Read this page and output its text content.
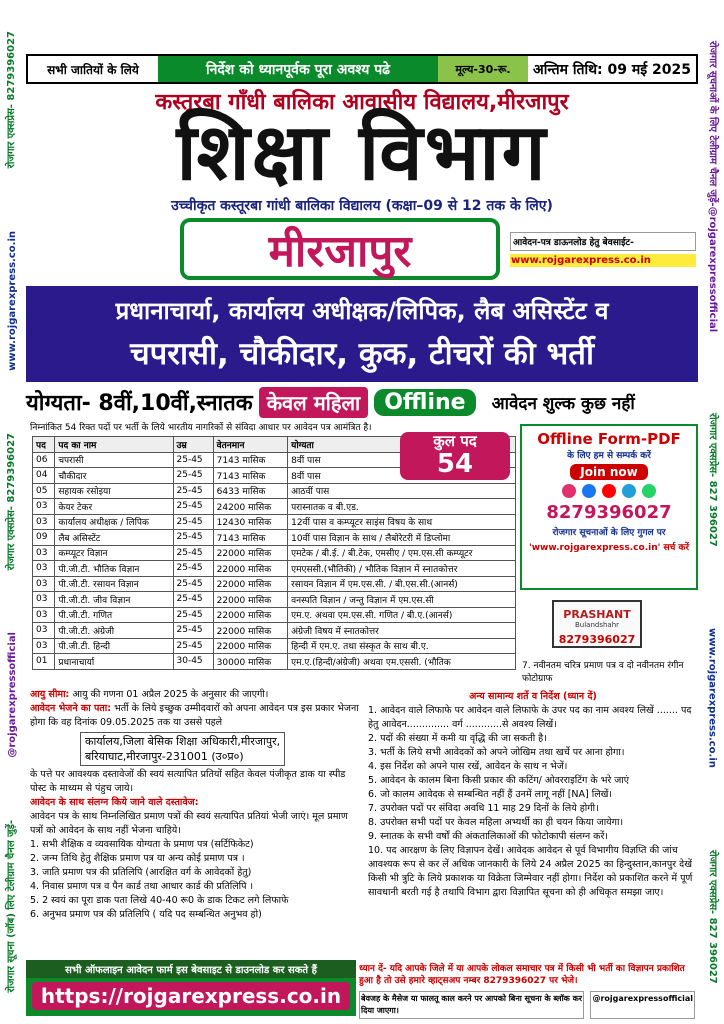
रोजगार एक्सप्रेस- 8279396027
www.rojgarexpress.co.in
रोजगार एक्सप्रेस- 8279396027
@rojgarexpressofficial
रोजगार सूचना (जॉब) लिए टेलीग्राम चैनल जुड़ें-
रोजगार सूचनाओं के लिए टेलीग्राम चैनल जुड़ें-@rojgarexpressofficial
रोजगार एक्सप्रेस- 827 396027
www.rojgarexpress.co.in
रोजगार एक्सप्रेस- 827 396027
सभी जातियों के लिये	निर्देश को ध्यानपूर्वक पूरा अवश्य पढे	मूल्य-30-रू.	अन्तिम तिथि: 09 मई 2025
कस्तूरबा गाँधी बालिका आवासीय विद्यालय,मीरजापुर
शिक्षा विभाग
उच्चीकृत कस्तूरबा गांधी बालिका विद्यालय (कक्षा–09 से 12 तक के लिए)
मीरजापुर	आवेदन-पत्र डाऊनलोड हेतु बेवसाईट-
www.rojgarexpress.co.in
प्रधानाचार्या, कार्यालय अधीक्षक/लिपिक, लैब असिस्टेंट व
चपरासी, चौकीदार, कुक, टीचरों की भर्ती
योग्यता- 8वीं,10वीं,स्नातक केवल महिला	Offline	आवेदन शुल्क कुछ नहीं
निम्नांकित 54 रिक्त पदों पर भर्ती के लिये भारतीय नागरिकों से संविदा आधार पर आवेदन पत्र आमंत्रित है।
पद	पद का नाम	उम्र	वेतनमान	योग्यता
06	चपरासी	25-45	7143 मासिक	8वीं पास
04	चौकीदार	25-45	7143 मासिक	8वीं पास
05	सहायक रसोइया	25-45	6433 मासिक	आठवीं पास
03	केयर टेकर	25-45	24200 मासिक	परास्नातक व बी.एड.
03	कार्यालय अधीक्षक / लिपिक	25-45	12430 मासिक	12वीं पास व कम्प्यूटर साइंस विषय के साथ
09	लैब असिस्टेंट	25-45	7143 मासिक	10वीं पास विज्ञान के साथ / लैबोरेटरी में डिप्लोमा
03	कम्प्यूटर विज्ञान	25-45	22000 मासिक	एमटेक / बी.ई. / बी.टेक, एमसीए / एम.एस.सी कम्प्यूटर
03	पी.जी.टी. भौतिक विज्ञान	25-45	22000 मासिक	एमएससी.(भौतिकी) / भौतिक विज्ञान में स्नातकोत्तर
03	पी.जी.टी. रसायन विज्ञान	25-45	22000 मासिक	रसायन विज्ञान में एम.एस.सी. / बी.एस.सी.(आनर्स)
03	पी.जी.टी. जीव विज्ञान	25-45	22000 मासिक	वनस्पति विज्ञान / जन्तु विज्ञान में एम.एस.सी
03	पी.जी.टी. गणित	25-45	22000 मासिक	एम.ए. अथवा एम.एस.सी. गणित / बी.ए.(आनर्स)
03	पी.जी.टी. अंग्रेजी	25-45	22000 मासिक	अंग्रेजी विषय में स्नातकोत्तर
03	पी.जी.टी. हिन्दी	25-45	22000 मासिक	हिन्दी में एम.ए. तथा संस्कृत के साथ बी.ए.
01	प्रधानाचार्या	30-45	30000 मासिक	एम.ए.(हिन्दी/अंग्रेजी) अथवा एम.एससी. (भौतिक
कुल पद
54
Offline Form-PDF
के लिए हम से सम्पर्क करें
Join now
8279396027
रोजगार सूचनाओं के लिए गुगल पर
'www.rojgarexpress.co.in' सर्च करें
PRASHANT
Bulandshahr
8279396027
7. नवीनतम चरित्र प्रमाण पत्र व दो नवीनतम रंगीन फोटोग्राफ
आयु सीमा: आयु की गणना 01 अप्रैल 2025 के अनुसार की जाएगी।
आवेदन भेजने का पता: भर्ती के लिये इच्छुक उम्मीदवारों को अपना आवेदन पत्र इस प्रकार भेजना होगा कि वह दिनांक 09.05.2025 तक या उससे पहले
कार्यालय,जिला बेसिक शिक्षा अधिकारी,मीरजापुर,
बरियाघाट,मीरजापुर-231001 (उ०प्र०)
के पत्ते पर आवश्यक दस्तावेजों की स्वयं सत्यापित प्रतियों सहित केवल पंजीकृत डाक या स्पीड पोस्ट के माध्यम से पंहुच जाये।
आवेदन के साथ संलग्न किये जाने वाले दस्तावेज:
आवेदन पत्र के साथ निम्नलिखित प्रमाण पत्रों की स्वयं सत्यापित प्रतियां भेजी जाएं। मूल प्रमाण पत्रों को आवेदन के साथ नहीं भेजना चाहिये।
1. सभी शैक्षिक व व्यवसायिक योग्यता के प्रमाण पत्र (सर्टिफिकेट)
2. जन्म तिथि हेतु शैक्षिक प्रमाण पत्र या अन्य कोई प्रमाण पत्र ।
3. जाति प्रमाण पत्र की प्रतिलिपि (आरक्षित वर्ग के आवेदकों हेतु)
4. निवास प्रमाण पत्र व पैन कार्ड तथा आधार कार्ड की प्रतिलिपि ।
5. 2 स्वयं का पूरा डाक पता लिखे 40-40 रू0 के डाक टिकट लगे लिफाफे
6. अनुभव प्रमाण पत्र की प्रतिलिपि ( यदि पद सम्बन्धित अनुभव हो)
अन्य सामान्य शर्ते व निर्देश (ध्यान दें)
1. आवेदन वाले लिफाफे पर आवेदन वाले लिफाफे के उपर पद का नाम अवश्य लिखें ....... पद हेतु आवेदन.............. वर्ग ............से अवश्य लिखें।
2. पदों की संख्या में कमी या वृद्धि की जा सकती है।
3. भर्ती के लिये सभी आवेदकों को अपने जोखिम तथा खर्चे पर आना होगा।
4. इस निर्देश को अपने पास रखें, आवेदन के साथ न भेजें।
5. आवेदन के कालम बिना किसी प्रकार की कटिंग/ ओवरराइटिंग के भरे जाएं
6. जो कालम आवेदक से सम्बन्धित नहीं हैं उनमें लागू नहीं [NA] लिखें।
7. उपरोक्त पदों पर संविदा अवधि 11 माह 29 दिनों के लिये होगी।
8. उपरोक्त सभी पदों पर केवल महिला अभ्यर्थी का ही चयन किया जायेगा।
9. स्नातक के सभी वर्षों की अंकतालिकाओं की फोटोकापी संलग्न करें।
10. पद आरक्षण के लिए विज्ञापन देखें। आवेदक आवेदन से पूर्व विभागीय विज्ञप्ति की जांच आवश्यक रूप से कर लें अधिक जानकारी के लिये 24 अप्रैल 2025 का हिन्दुस्तान,कानपुर देखें किसी भी त्रुटि के लिये प्रकाशक या विक्रेता जिम्मेवार नहीं होगा। निर्देश को प्रकाशित करने में पूर्ण सावधानी बरती गई है तथापि विभाग द्वारा विज्ञापित सूचना को ही अधिकृत समझा जाए।
सभी ऑफलाइन आवेदन फार्म इस बेवसाइट से डाउनलोड कर सकते हैं
https://rojgarexpress.co.in
ध्यान दें- यदि आपके जिले में या आपके लोकल समाचार पत्र में किसी भी भर्ती का विज्ञापन प्रकाशित हुआ है तो उसे हमारे व्हाट्सअप नम्बर 8279396027 पर भेजे।
बेवजह के मैसेज या फालतू काल करने पर आपको बिना सूचना के ब्लॉक कर दिया जाएगा।
@rojgarexpressofficial
